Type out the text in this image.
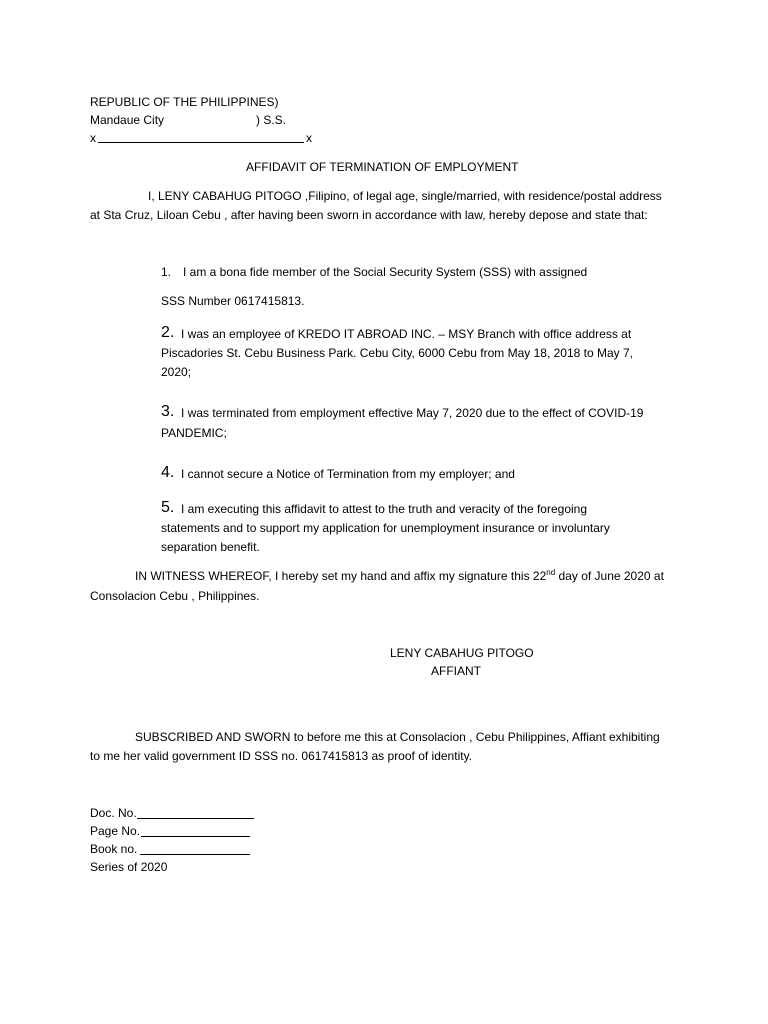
REPUBLIC OF THE PHILIPPINES)
Mandaue City	) S.S.
x	x
AFFIDAVIT OF TERMINATION OF EMPLOYMENT
I, LENY CABAHUG PITOGO ,Filipino, of legal age, single/married, with residence/postal address
at Sta Cruz, Liloan Cebu , after having been sworn in accordance with law, hereby depose and state that:
1. I am a bona fide member of the Social Security System (SSS) with assigned
SSS Number 0617415813.
2. I was an employee of KREDO IT ABROAD INC. – MSY Branch with office address at
Piscadories St. Cebu Business Park. Cebu City, 6000 Cebu from May 18, 2018 to May 7,
2020;
3. I was terminated from employment effective May 7, 2020 due to the effect of COVID-19
PANDEMIC;
4. I cannot secure a Notice of Termination from my employer; and
5. I am executing this affidavit to attest to the truth and veracity of the foregoing
statements and to support my application for unemployment insurance or involuntary
separation benefit.
IN WITNESS WHEREOF, I hereby set my hand and affix my signature this 22nd day of June 2020 at
Consolacion Cebu , Philippines.
LENY CABAHUG PITOGO
AFFIANT
SUBSCRIBED AND SWORN to before me this at Consolacion , Cebu Philippines, Affiant exhibiting
to me her valid government ID SSS no. 0617415813 as proof of identity.
Doc. No.
Page No.
Book no.
Series of 2020
